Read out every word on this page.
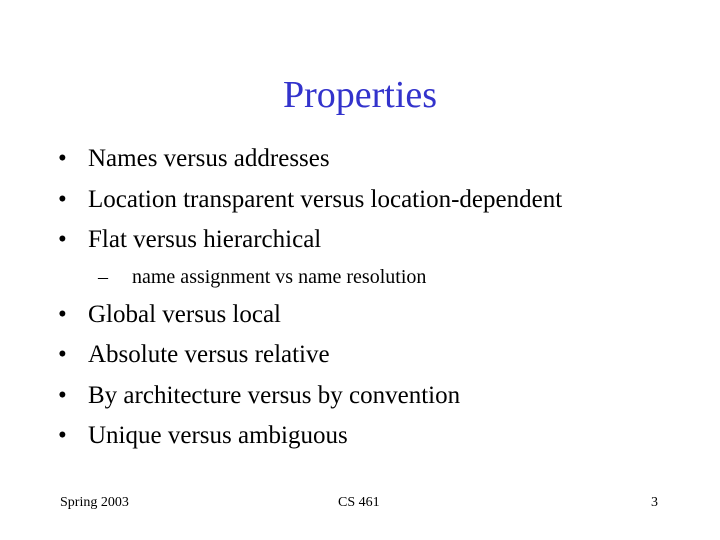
Properties
• Names versus addresses
• Location transparent versus location-dependent
• Flat versus hierarchical
– name assignment vs name resolution
• Global versus local
• Absolute versus relative
• By architecture versus by convention
• Unique versus ambiguous
Spring 2003	CS 461	3
